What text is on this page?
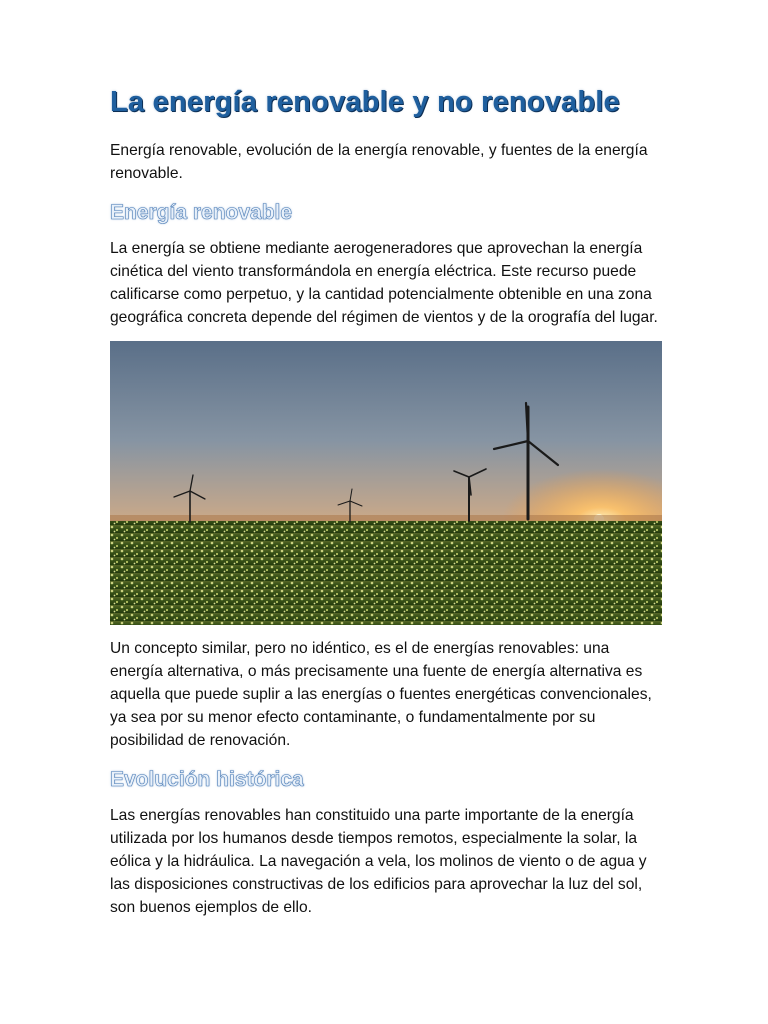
La energía renovable y no renovable

Energía renovable, evolución de la energía renovable, y fuentes de la energía renovable.

Energía renovable

La energía se obtiene mediante aerogeneradores que aprovechan la energía cinética del viento transformándola en energía eléctrica. Este recurso puede calificarse como perpetuo, y la cantidad potencialmente obtenible en una zona geográfica concreta depende del régimen de vientos y de la orografía del lugar.

Un concepto similar, pero no idéntico, es el de energías renovables: una energía alternativa, o más precisamente una fuente de energía alternativa es aquella que puede suplir a las energías o fuentes energéticas convencionales, ya sea por su menor efecto contaminante, o fundamentalmente por su posibilidad de renovación.

Evolución histórica

Las energías renovables han constituido una parte importante de la energía utilizada por los humanos desde tiempos remotos, especialmente la solar, la eólica y la hidráulica. La navegación a vela, los molinos de viento o de agua y las disposiciones constructivas de los edificios para aprovechar la luz del sol, son buenos ejemplos de ello.
